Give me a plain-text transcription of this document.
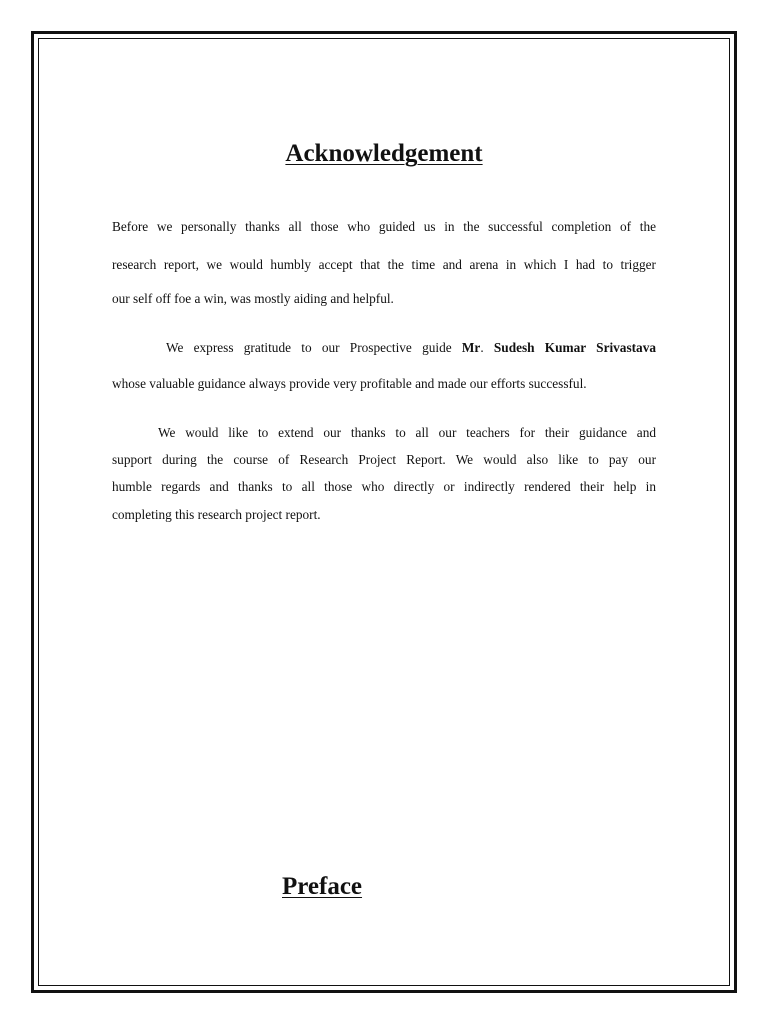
Acknowledgement

Before we personally thanks all those who guided us in the successful completion of the

research report, we would humbly accept that the time and arena in which I had to trigger

our self off foe a win, was mostly aiding and helpful.

We express gratitude to our Prospective guide Mr. Sudesh Kumar Srivastava

whose valuable guidance always provide very profitable and made our efforts successful.

We would like to extend our thanks to all our teachers for their guidance and

support during the course of Research Project Report. We would also like to pay our

humble regards and thanks to all those who directly or indirectly rendered their help in

completing this research project report.

Preface
